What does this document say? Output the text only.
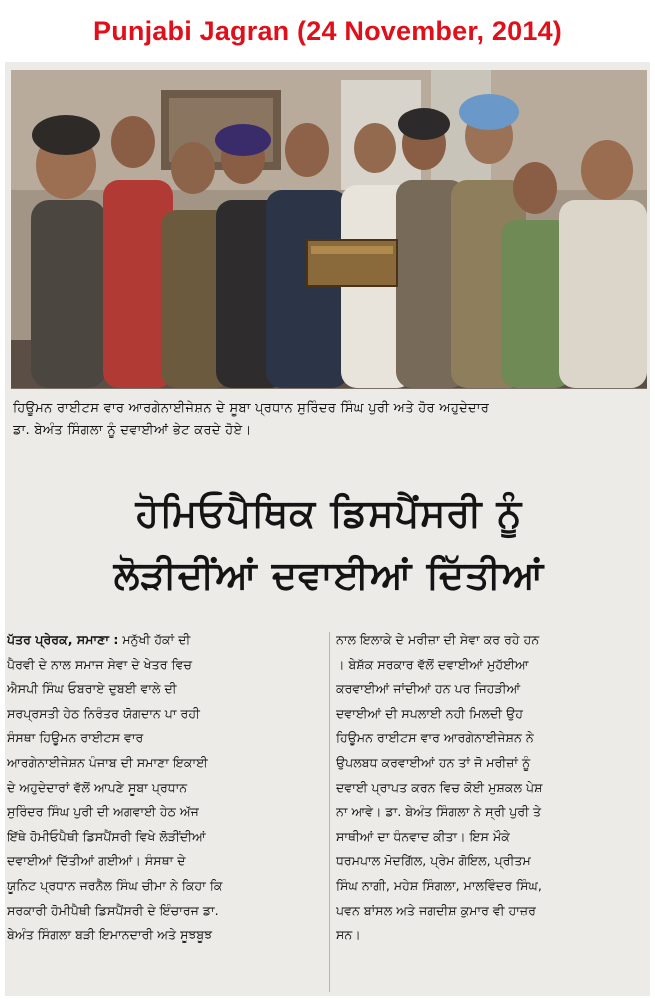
Punjabi Jagran (24 November, 2014)
ਹਿਊਮਨ ਰਾਈਟਸ ਵਾਰ ਆਰਗੇਨਾਈਜੇਸ਼ਨ ਦੇ ਸੂਬਾ ਪ੍ਰਧਾਨ ਸੁਰਿੰਦਰ ਸਿੰਘ ਪੁਰੀ ਅਤੇ ਹੋਰ ਅਹੁਦੇਦਾਰ
ਡਾ. ਬੇਅੰਤ ਸਿੰਗਲਾ ਨੂੰ ਦਵਾਈਆਂ ਭੇਟ ਕਰਦੇ ਹੋਏ।
ਹੋਮਿਓਪੈਥਿਕ ਡਿਸਪੈਂਸਰੀ ਨੂੰ
ਲੋੜੀਦੀਂਆਂ ਦਵਾਈਆਂ ਦਿੱਤੀਆਂ
ਪੱਤਰ ਪ੍ਰੇਰਕ, ਸਮਾਣਾ : ਮਨੁੱਖੀ ਹੱਕਾਂ ਦੀ
ਪੈਰਵੀ ਦੇ ਨਾਲ ਸਮਾਜ ਸੇਵਾ ਦੇ ਖੇਤਰ ਵਿਚ
ਐਸਪੀ ਸਿੰਘ ਓਬਰਾਏ ਦੁਬਈ ਵਾਲੇ ਦੀ
ਸਰਪ੍ਰਸਤੀ ਹੇਠ ਨਿਰੰਤਰ ਯੋਗਦਾਨ ਪਾ ਰਹੀ
ਸੰਸਥਾ ਹਿਊਮਨ ਰਾਈਟਸ ਵਾਰ
ਆਰਗੇਨਾਈਜੇਸ਼ਨ ਪੰਜਾਬ ਦੀ ਸਮਾਣਾ ਇਕਾਈ
ਦੇ ਅਹੁਦੇਦਾਰਾਂ ਵੱਲੋਂ ਆਪਣੇ ਸੂਬਾ ਪ੍ਰਧਾਨ
ਸੁਰਿੰਦਰ ਸਿੰਘ ਪੁਰੀ ਦੀ ਅਗਵਾਈ ਹੇਠ ਅੱਜ
ਇੱਥੇ ਹੋਮੀਓਪੈਥੀ ਡਿਸਪੈਂਸਰੀ ਵਿਖੇ ਲੋੜੀਂਦੀਆਂ
ਦਵਾਈਆਂ ਦਿੱਤੀਆਂ ਗਈਆਂ। ਸੰਸਥਾ ਦੇ
ਯੂਨਿਟ ਪ੍ਰਧਾਨ ਜਰਨੈਲ ਸਿੰਘ ਚੀਮਾ ਨੇ ਕਿਹਾ ਕਿ
ਸਰਕਾਰੀ ਹੋਮੀਪੈਥੀ ਡਿਸਪੈਂਸਰੀ ਦੇ ਇੰਚਾਰਜ ਡਾ.
ਬੇਅੰਤ ਸਿੰਗਲਾ ਬੜੀ ਇਮਾਨਦਾਰੀ ਅਤੇ ਸੂਝਬੂਝ
ਨਾਲ ਇਲਾਕੇ ਦੇ ਮਰੀਜ਼ਾ ਦੀ ਸੇਵਾ ਕਰ ਰਹੇ ਹਨ
। ਬੇਸ਼ੱਕ ਸਰਕਾਰ ਵੱਲੋਂ ਦਵਾਈਆਂ ਮੁਹੱਈਆ
ਕਰਵਾਈਆਂ ਜਾਂਦੀਆਂ ਹਨ ਪਰ ਜਿਹੜੀਆਂ
ਦਵਾਈਆਂ ਦੀ ਸਪਲਾਈ ਨਹੀ ਮਿਲਦੀ ਉਹ
ਹਿਊਮਨ ਰਾਈਟਸ ਵਾਰ ਆਰਗੇਨਾਈਜੇਸ਼ਨ ਨੇ
ਉਪਲਬਧ ਕਰਵਾਈਆਂ ਹਨ ਤਾਂ ਜੋ ਮਰੀਜ਼ਾਂ ਨੂੰ
ਦਵਾਈ ਪ੍ਰਾਪਤ ਕਰਨ ਵਿਚ ਕੋਈ ਮੁਸ਼ਕਲ ਪੇਸ਼
ਨਾ ਆਵੇ। ਡਾ. ਬੇਅੰਤ ਸਿੰਗਲਾ ਨੇ ਸ੍ਰੀ ਪੁਰੀ ਤੇ
ਸਾਥੀਆਂ ਦਾ ਧੰਨਵਾਦ ਕੀਤਾ। ਇਸ ਮੌਕੇ
ਧਰਮਪਾਲ ਮੋਦਗਿੱਲ, ਪ੍ਰੇਮ ਗੋਇਲ, ਪ੍ਰੀਤਮ
ਸਿੰਘ ਨਾਗੀ, ਮਹੇਸ਼ ਸਿੰਗਲਾ, ਮਾਲਵਿੰਦਰ ਸਿੰਘ,
ਪਵਨ ਬਾਂਸਲ ਅਤੇ ਜਗਦੀਸ਼ ਕੁਮਾਰ ਵੀ ਹਾਜ਼ਰ
ਸਨ।
